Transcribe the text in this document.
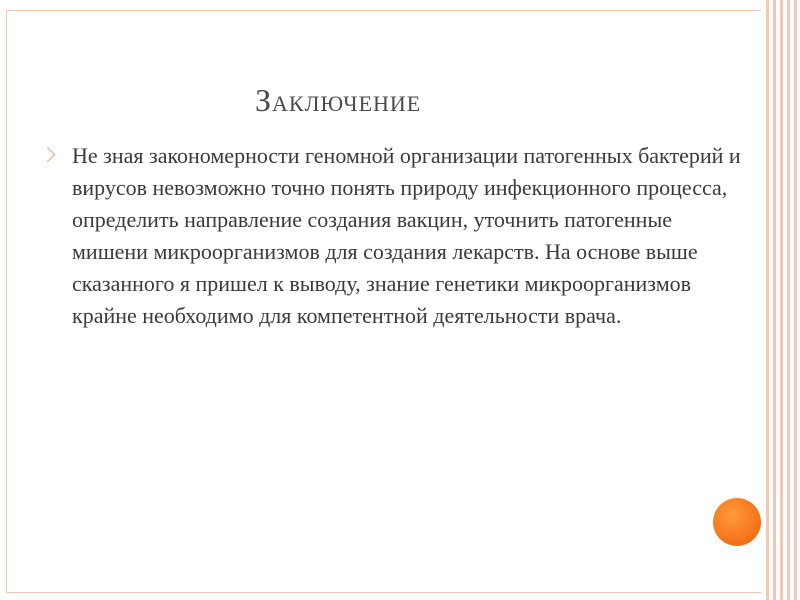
Заключение
Не зная закономерности геномной организации патогенных бактерий и вирусов невозможно точно понять природу инфекционного процесса, определить направление создания вакцин, уточнить патогенные мишени микроорганизмов для создания лекарств. На основе выше сказанного я пришел к выводу, знание генетики микроорганизмов крайне необходимо для компетентной деятельности врача.
